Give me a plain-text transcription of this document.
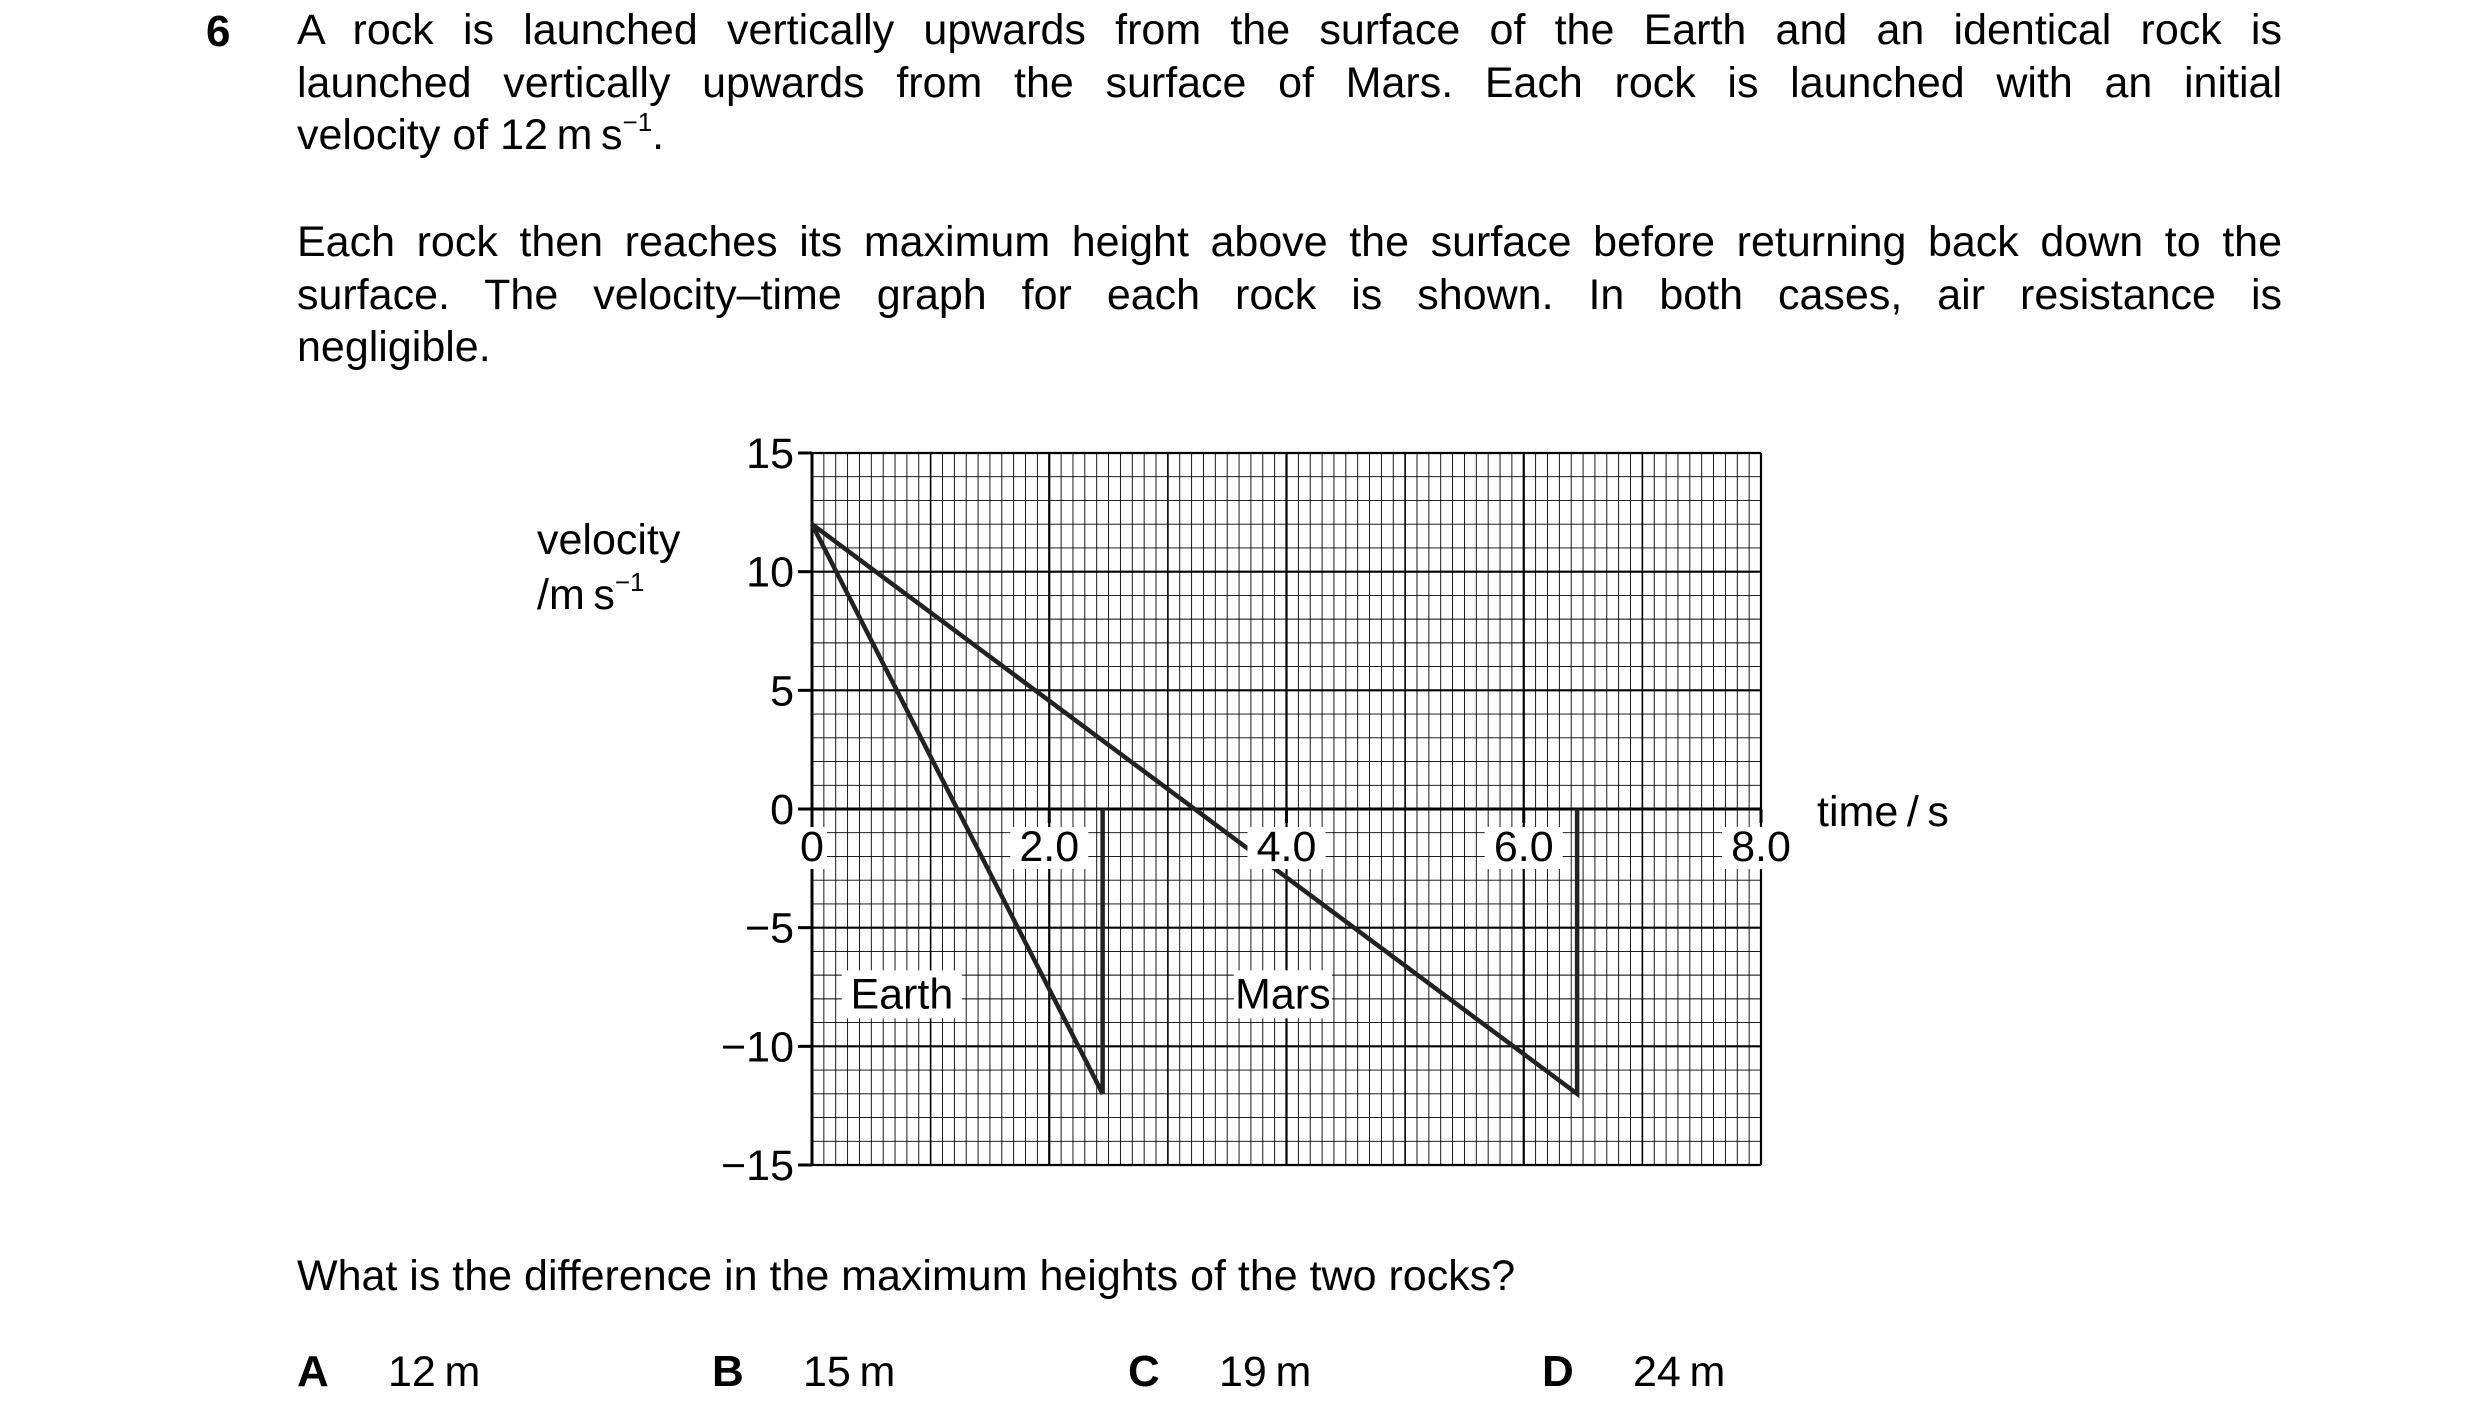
6 A rock is launched vertically upwards from the surface of the Earth and an identical rock is
launched vertically upwards from the surface of Mars. Each rock is launched with an initial
velocity of 12 m $s^{-1}$.
Each rock then reaches its maximum height above the surface before returning back down to the
surface. The velocity–time graph for each rock is shown. In both cases, air resistance is
negligible.
velocity
/m $s^{-1}$
time / s
15
10
5
0
−5
−10
−15
0	2.0	4.0	6.0	8.0
Earth	Mars
What is the difference in the maximum heights of the two rocks?
A 12 m	B 15 m	C 19 m	D 24 m
